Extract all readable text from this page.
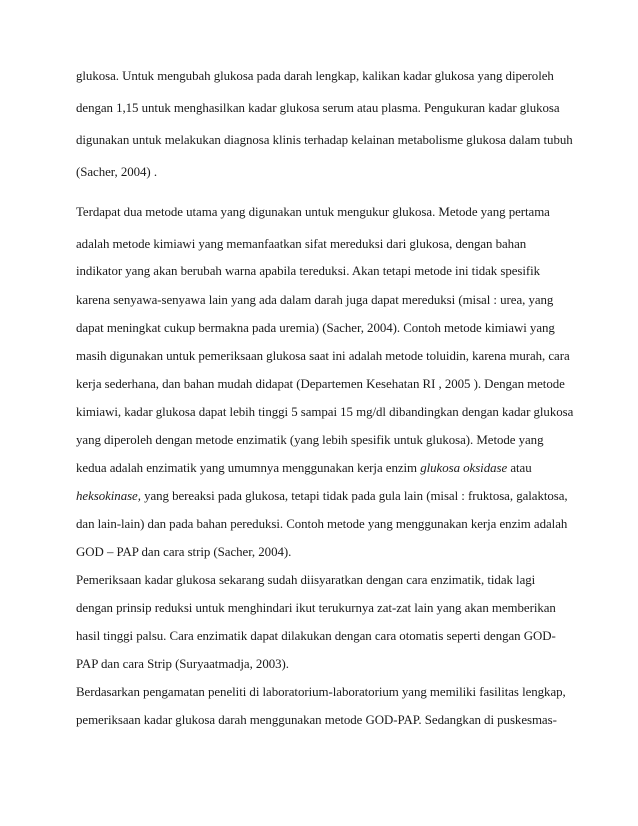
glukosa. Untuk mengubah glukosa pada darah lengkap, kalikan kadar glukosa yang diperoleh
dengan 1,15 untuk menghasilkan kadar glukosa serum atau plasma. Pengukuran kadar glukosa
digunakan untuk melakukan diagnosa klinis terhadap kelainan metabolisme glukosa dalam tubuh
(Sacher, 2004) .
Terdapat dua metode utama yang digunakan untuk mengukur glukosa. Metode yang pertama
adalah metode kimiawi yang memanfaatkan sifat mereduksi dari glukosa, dengan bahan
indikator yang akan berubah warna apabila tereduksi. Akan tetapi metode ini tidak spesifik
karena senyawa-senyawa lain yang ada dalam darah juga dapat mereduksi (misal : urea, yang
dapat meningkat cukup bermakna pada uremia) (Sacher, 2004). Contoh metode kimiawi yang
masih digunakan untuk pemeriksaan glukosa saat ini adalah metode toluidin, karena murah, cara
kerja sederhana, dan bahan mudah didapat (Departemen Kesehatan RI , 2005 ). Dengan metode
kimiawi, kadar glukosa dapat lebih tinggi 5 sampai 15 mg/dl dibandingkan dengan kadar glukosa
yang diperoleh dengan metode enzimatik (yang lebih spesifik untuk glukosa). Metode yang
kedua adalah enzimatik yang umumnya menggunakan kerja enzim glukosa oksidase atau
heksokinase, yang bereaksi pada glukosa, tetapi tidak pada gula lain (misal : fruktosa, galaktosa,
dan lain-lain) dan pada bahan pereduksi. Contoh metode yang menggunakan kerja enzim adalah
GOD – PAP dan cara strip (Sacher, 2004).
Pemeriksaan kadar glukosa sekarang sudah diisyaratkan dengan cara enzimatik, tidak lagi
dengan prinsip reduksi untuk menghindari ikut terukurnya zat-zat lain yang akan memberikan
hasil tinggi palsu. Cara enzimatik dapat dilakukan dengan cara otomatis seperti dengan GOD-
PAP dan cara Strip (Suryaatmadja, 2003).
Berdasarkan pengamatan peneliti di laboratorium-laboratorium yang memiliki fasilitas lengkap,
pemeriksaan kadar glukosa darah menggunakan metode GOD-PAP. Sedangkan di puskesmas-
